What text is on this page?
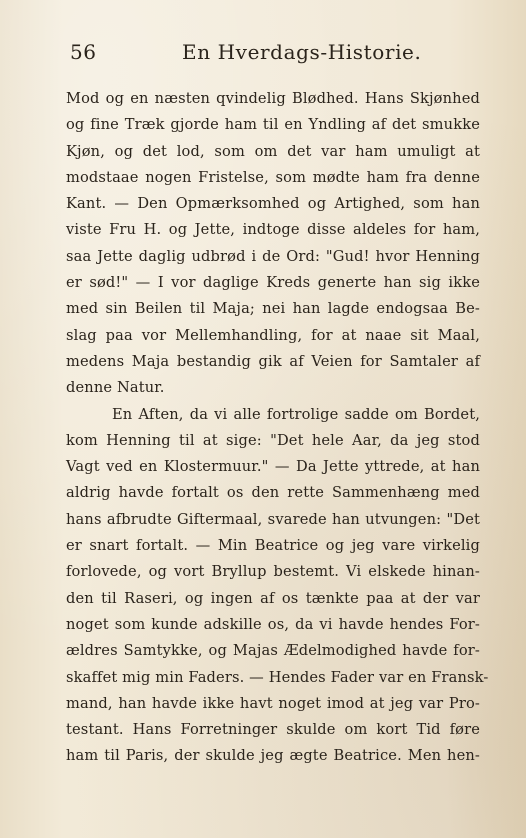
56	En Hverdags-Historie.
Mod og en næsten qvindelig Blødhed. Hans Skjønhed
og fine Træk gjorde ham til en Yndling af det smukke
Kjøn, og det lod, som om det var ham umuligt at
modstaae nogen Fristelse, som mødte ham fra denne
Kant. — Den Opmærksomhed og Artighed, som han
viste Fru H. og Jette, indtoge disse aldeles for ham,
saa Jette daglig udbrød i de Ord: "Gud! hvor Henning
er sød!" — I vor daglige Kreds generte han sig ikke
med sin Beilen til Maja; nei han lagde endogsaa Be-
slag paa vor Mellemhandling, for at naae sit Maal,
medens Maja bestandig gik af Veien for Samtaler af
denne Natur.
En Aften, da vi alle fortrolige sadde om Bordet,
kom Henning til at sige: "Det hele Aar, da jeg stod
Vagt ved en Klostermuur." — Da Jette yttrede, at han
aldrig havde fortalt os den rette Sammenhæng med
hans afbrudte Giftermaal, svarede han utvungen: "Det
er snart fortalt. — Min Beatrice og jeg vare virkelig
forlovede, og vort Bryllup bestemt. Vi elskede hinan-
den til Raseri, og ingen af os tænkte paa at der var
noget som kunde adskille os, da vi havde hendes For-
ældres Samtykke, og Majas Ædelmodighed havde for-
skaffet mig min Faders. — Hendes Fader var en Fransk-
mand, han havde ikke havt noget imod at jeg var Pro-
testant. Hans Forretninger skulde om kort Tid føre
ham til Paris, der skulde jeg ægte Beatrice. Men hen-
